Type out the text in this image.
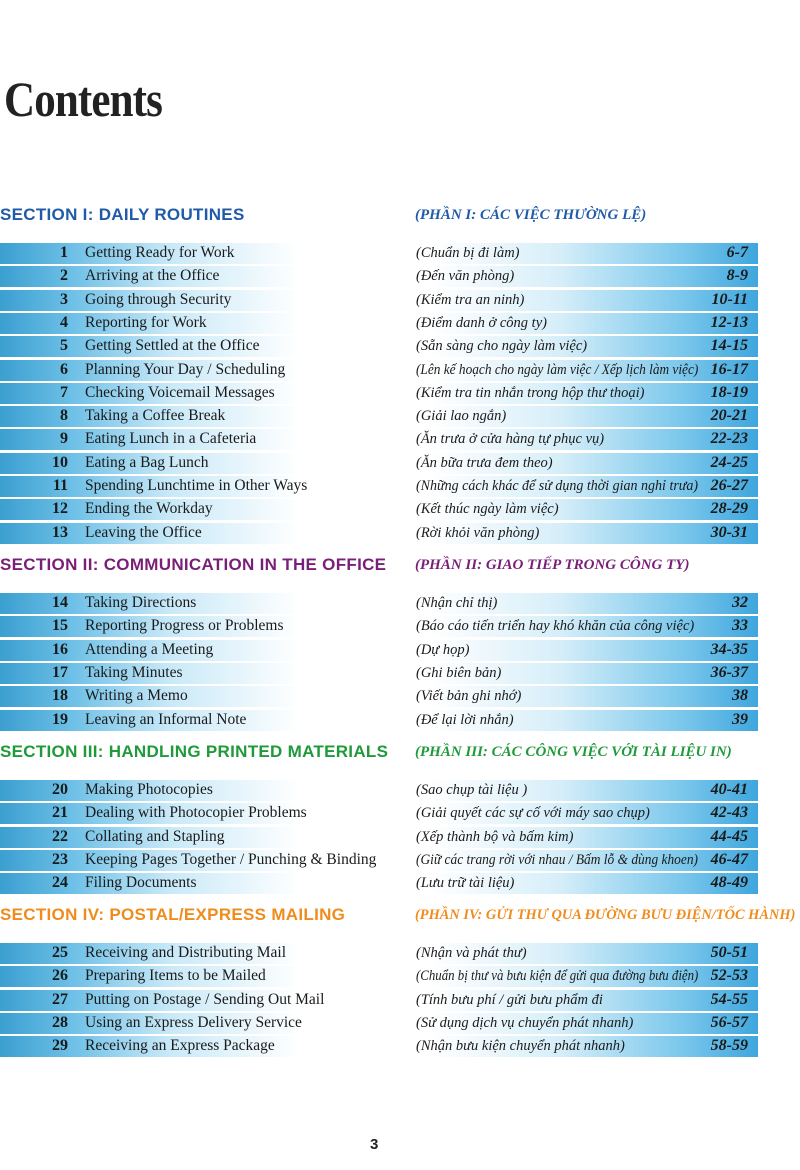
Contents
SECTION I: DAILY ROUTINES	(PHẦN I: CÁC VIỆC THƯỜNG LỆ)
1 Getting Ready for Work	(Chuẩn bị đi làm)	6-7
2 Arriving at the Office	(Đến văn phòng)	8-9
3 Going through Security	(Kiểm tra an ninh)	10-11
4 Reporting for Work	(Điểm danh ở công ty)	12-13
5 Getting Settled at the Office	(Sẵn sàng cho ngày làm việc)	14-15
6 Planning Your Day / Scheduling	(Lên kế hoạch cho ngày làm việc / Xếp lịch làm việc) 16-17
7 Checking Voicemail Messages	(Kiểm tra tin nhắn trong hộp thư thoại)	18-19
8 Taking a Coffee Break	(Giải lao ngắn)	20-21
9 Eating Lunch in a Cafeteria	(Ăn trưa ở cửa hàng tự phục vụ)	22-23
10 Eating a Bag Lunch	(Ăn bữa trưa đem theo)	24-25
11 Spending Lunchtime in Other Ways	(Những cách khác để sử dụng thời gian nghỉ trưa) 26-27
12 Ending the Workday	(Kết thúc ngày làm việc)	28-29
13 Leaving the Office	(Rời khỏi văn phòng)	30-31
SECTION II: COMMUNICATION IN THE OFFICE (PHẦN II: GIAO TIẾP TRONG CÔNG TY)
14 Taking Directions	(Nhận chỉ thị)	32
15 Reporting Progress or Problems	(Báo cáo tiến triển hay khó khăn của công việc) 33
16 Attending a Meeting	(Dự họp)	34-35
17 Taking Minutes	(Ghi biên bản)	36-37
18 Writing a Memo	(Viết bản ghi nhớ)	38
19 Leaving an Informal Note	(Để lại lời nhắn)	39
SECTION III: HANDLING PRINTED MATERIALS (PHẦN III: CÁC CÔNG VIỆC VỚI TÀI LIỆU IN)
20 Making Photocopies	(Sao chụp tài liệu )	40-41
21 Dealing with Photocopier Problems	(Giải quyết các sự cố với máy sao chụp)	42-43
22 Collating and Stapling	(Xếp thành bộ và bấm kim)	44-45
23 Keeping Pages Together / Punching & Binding	(Giữ các trang rời với nhau / Bấm lỗ & dùng khoen) 46-47
24 Filing Documents	(Lưu trữ tài liệu)	48-49
SECTION IV: POSTAL/EXPRESS MAILING	(PHẦN IV: GỬI THƯ QUA ĐƯỜNG BƯU ĐIỆN/TỐC HÀNH)
25 Receiving and Distributing Mail	(Nhận và phát thư)	50-51
26 Preparing Items to be Mailed	(Chuẩn bị thư và bưu kiện để gửi qua đường bưu điện) 52-53
27 Putting on Postage / Sending Out Mail	(Tính bưu phí / gửi bưu phẩm đi	54-55
28 Using an Express Delivery Service	(Sử dụng dịch vụ chuyển phát nhanh)	56-57
29 Receiving an Express Package	(Nhận bưu kiện chuyển phát nhanh)	58-59
3
